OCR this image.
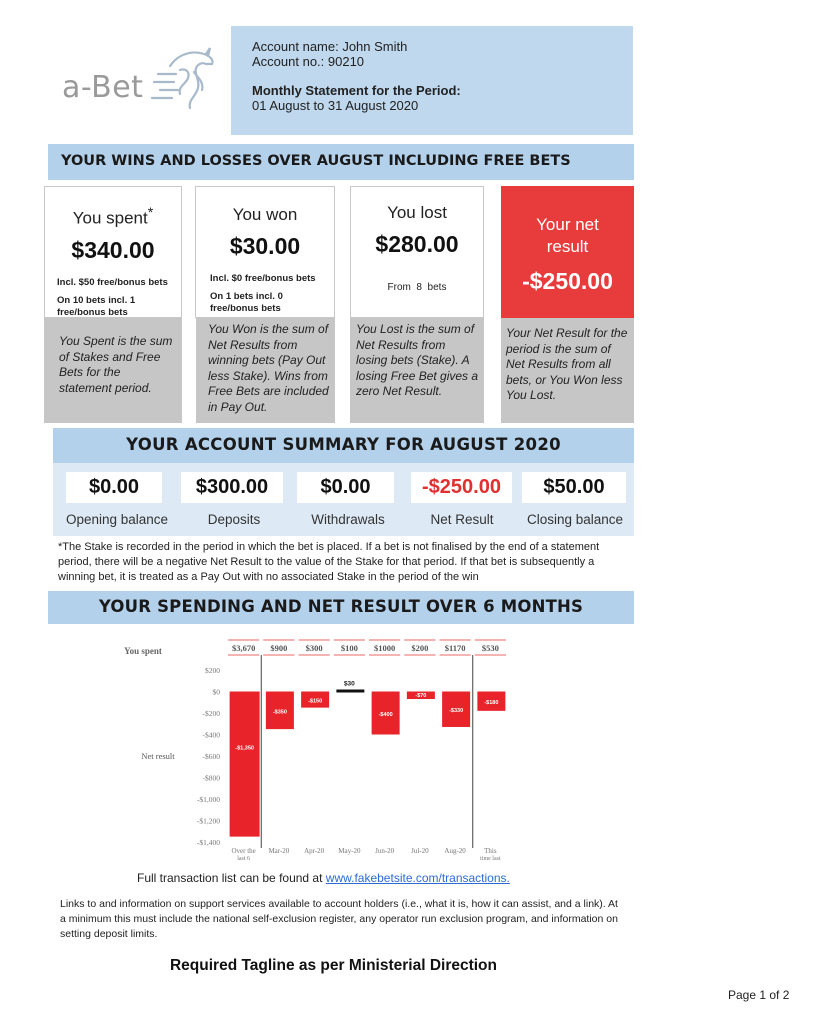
a-Bet
Account name: John Smith
Account no.: 90210
Monthly Statement for the Period:
01 August to 31 August 2020
YOUR WINS AND LOSSES OVER AUGUST INCLUDING FREE BETS
You spent*
$340.00
Incl. $50 free/bonus bets
On 10 bets incl. 1 free/bonus bets
You won
$30.00
Incl. $0 free/bonus bets
On 1 bets incl. 0 free/bonus bets
You lost
$280.00
From  8  bets
Your net result
-$250.00
You Spent is the sum of Stakes and Free Bets for the statement period.
You Won is the sum of Net Results from winning bets (Pay Out less Stake). Wins from Free Bets are included in Pay Out.
You Lost is the sum of Net Results from losing bets (Stake). A losing Free Bet gives a zero Net Result.
Your Net Result for the period is the sum of Net Results from all bets, or You Won less You Lost.
YOUR ACCOUNT SUMMARY FOR AUGUST 2020
$0.00	$300.00	$0.00	-$250.00	$50.00
Opening balance	Deposits	Withdrawals	Net Result	Closing balance
*The Stake is recorded in the period in which the bet is placed. If a bet is not finalised by the end of a statement period, there will be a negative Net Result to the value of the Stake for that period. If that bet is subsequently a winning bet, it is treated as a Pay Out with no associated Stake in the period of the win
YOUR SPENDING AND NET RESULT OVER 6 MONTHS
You spent
Net result
$3,670 $900 $300 $100 $1000 $200 $1170 $530
$200
$0
-$200
-$400
-$600
-$800
-$1,000
-$1,200
-$1,400
-$1,350
-$350
-$150
$30
-$400
-$70
-$330
-$180
Over the
last 6
Mar-20 Apr-20 May-20 Jun-20 Jul-20 Aug-20	This
time last
Full transaction list can be found at www.fakebetsite.com/transactions.
Links to and information on support services available to account holders (i.e., what it is, how it can assist, and a link). At a minimum this must include the national self-exclusion register, any operator run exclusion program, and information on setting deposit limits.
Required Tagline as per Ministerial Direction
Page 1 of 2
